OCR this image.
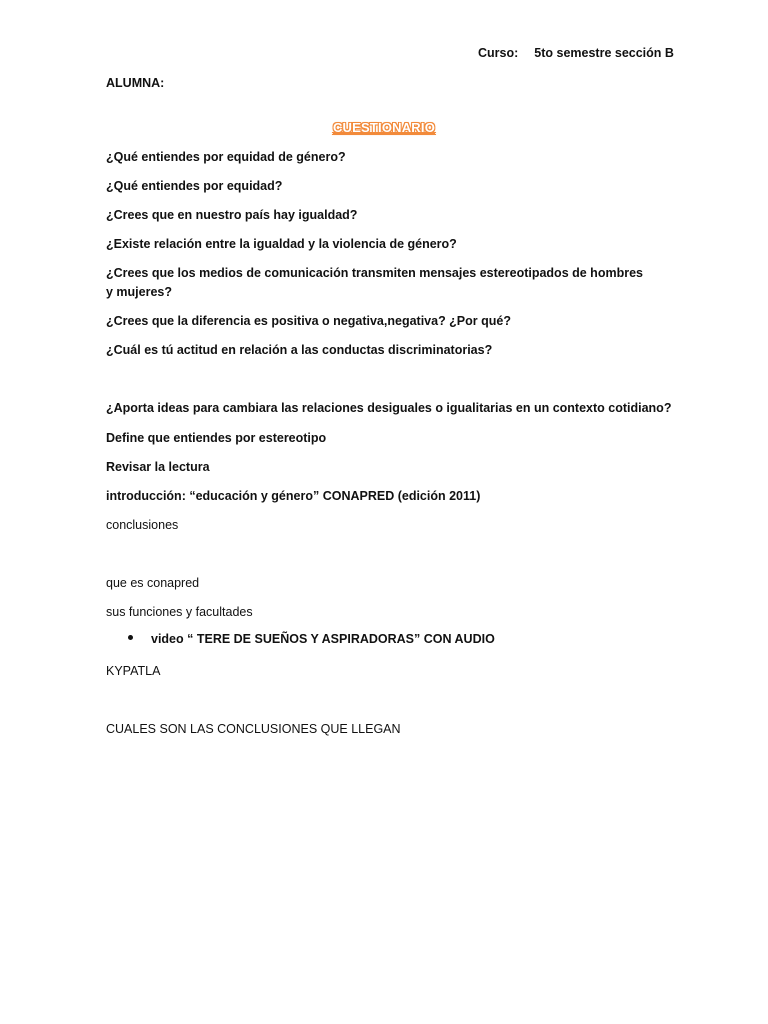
Curso: 5to semestre sección B
ALUMNA:
CUESTIONARIO
¿Qué entiendes por equidad de género?
¿Qué entiendes por equidad?
¿Crees que en nuestro país hay igualdad?
¿Existe relación entre la igualdad y la violencia de género?
¿Crees que los medios de comunicación transmiten mensajes estereotipados de hombres y mujeres?
¿Crees que la diferencia es positiva o negativa,negativa? ¿Por qué?
¿Cuál es tú actitud en relación a las conductas discriminatorias?
¿Aporta ideas para cambiara las relaciones desiguales o igualitarias en un contexto cotidiano?
Define que entiendes por estereotipo
Revisar la lectura
introducción: “educación y género” CONAPRED (edición 2011)
conclusiones
que es conapred
sus funciones y facultades
video “ TERE DE SUEÑOS Y ASPIRADORAS” CON AUDIO
KYPATLA
CUALES SON LAS CONCLUSIONES QUE LLEGAN
